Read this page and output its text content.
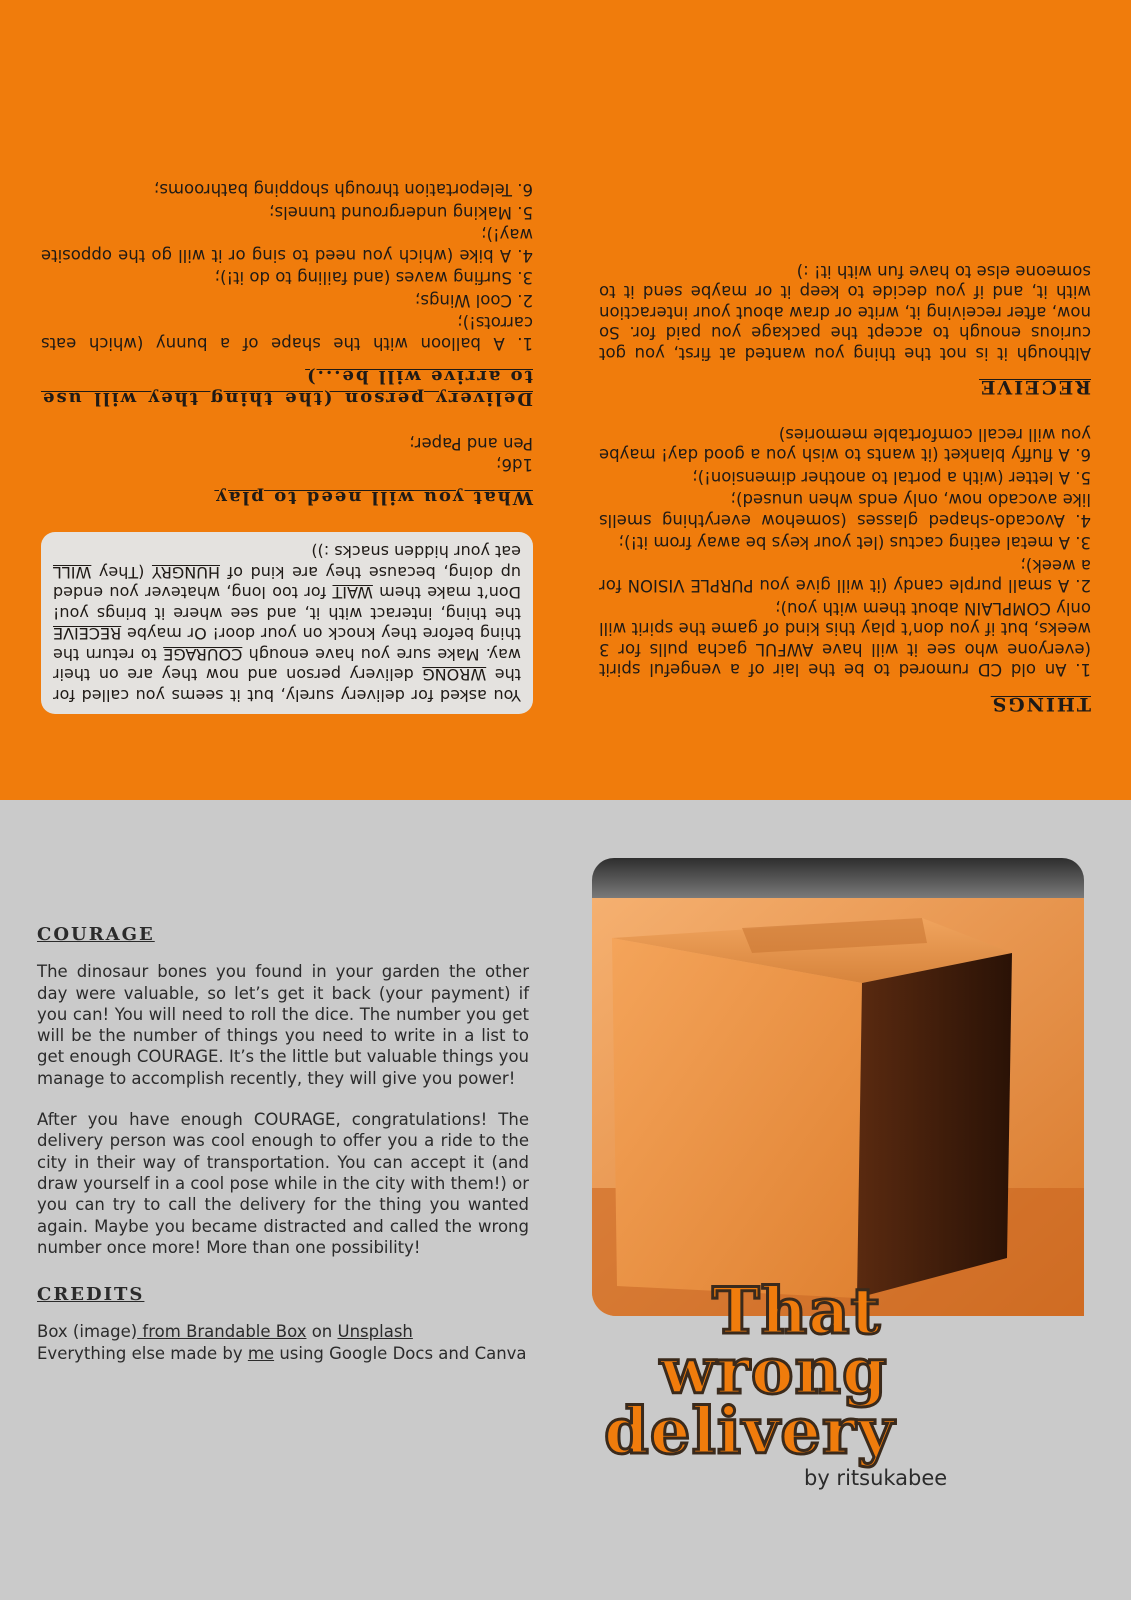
THINGS
1. An old CD rumored to be the lair of a vengeful spirit (everyone who see it will have AWFUL gacha pulls for 3 weeks, but if you don’t play this kind of game the spirit will only COMPLAIN about them with you);
2. A small purple candy (it will give you PURPLE VISION for a week);
3. A metal eating cactus (let your keys be away from it!);
4. Avocado-shaped glasses (somehow everything smells like avocado now, only ends when unused);
5. A letter (with a portal to another dimension!);
6. A fluffy blanket (it wants to wish you a good day! maybe you will recall comfortable memories)
RECEIVE

Although it is not the thing you wanted at first, you got curious enough to accept the package you paid for. So now, after receiving it, write or draw about your interaction with it, and if you decide to keep it or maybe send it to someone else to have fun with it! :)

You asked for delivery surely, but it seems you called for the WRONG delivery person and now they are on their way. Make sure you have enough COURAGE to return the thing before they knock on your door! Or maybe RECEIVE the thing, interact with it, and see where it brings you! Don’t make them WAIT for too long, whatever you ended up doing, because they are kind of HUNGRY (They WILL eat your hidden snacks :))
What you will need to play
1d6;
Pen and Paper;
Delivery person (the thing they will use to arrive will be...)
1. A balloon with the shape of a bunny (which eats carrots!);
2. Cool Wings;
3. Surfing waves (and failing to do it!);
4. A bike (which you need to sing or it will go the opposite way!);
5. Making underground tunnels;
6. Teleportation through shopping bathrooms;
COURAGE

The dinosaur bones you found in your garden the other day were valuable, so let’s get it back (your payment) if you can! You will need to roll the dice. The number you get will be the number of things you need to write in a list to get enough COURAGE. It’s the little but valuable things you manage to accomplish recently, they will give you power!

After you have enough COURAGE, congratulations! The delivery person was cool enough to offer you a ride to the city in their way of transportation. You can accept it (and draw yourself in a cool pose while in the city with them!) or you can try to call the delivery for the thing you wanted again. Maybe you became distracted and called the wrong number once more! More than one possibility!

CREDITS
Box (image) from Brandable Box on Unsplash
Everything else made by me using Google Docs and Canva
That
wrong
delivery
by ritsukabee
